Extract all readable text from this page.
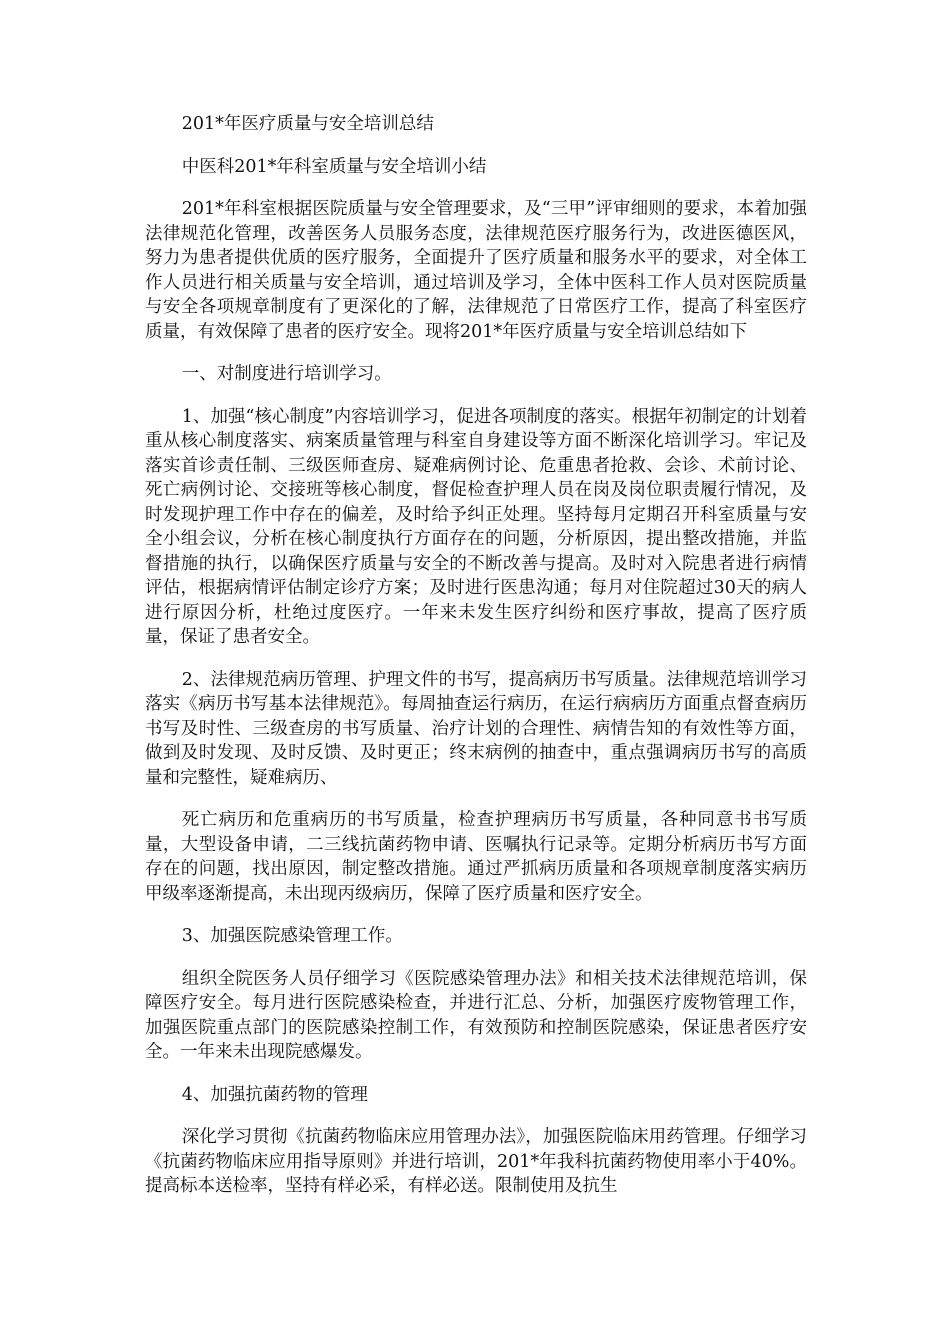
201*年医疗质量与安全培训总结

中医科201*年科室质量与安全培训小结

201*年科室根据医院质量与安全管理要求，及“三甲”评审细则的要求，本着加强法律规范化管理，改善医务人员服务态度，法律规范医疗服务行为，改进医德医风，努力为患者提供优质的医疗服务，全面提升了医疗质量和服务水平的要求，对全体工作人员进行相关质量与安全培训，通过培训及学习，全体中医科工作人员对医院质量与安全各项规章制度有了更深化的了解，法律规范了日常医疗工作，提高了科室医疗质量，有效保障了患者的医疗安全。现将201*年医疗质量与安全培训总结如下

一、对制度进行培训学习。

1、加强“核心制度”内容培训学习，促进各项制度的落实。根据年初制定的计划着重从核心制度落实、病案质量管理与科室自身建设等方面不断深化培训学习。牢记及落实首诊责任制、三级医师查房、疑难病例讨论、危重患者抢救、会诊、术前讨论、死亡病例讨论、交接班等核心制度，督促检查护理人员在岗及岗位职责履行情况，及时发现护理工作中存在的偏差，及时给予纠正处理。坚持每月定期召开科室质量与安全小组会议，分析在核心制度执行方面存在的问题，分析原因，提出整改措施，并监督措施的执行，以确保医疗质量与安全的不断改善与提高。及时对入院患者进行病情评估，根据病情评估制定诊疗方案；及时进行医患沟通；每月对住院超过30天的病人进行原因分析，杜绝过度医疗。一年来未发生医疗纠纷和医疗事故，提高了医疗质量，保证了患者安全。

2、法律规范病历管理、护理文件的书写，提高病历书写质量。法律规范培训学习落实《病历书写基本法律规范》。每周抽查运行病历，在运行病病历方面重点督查病历书写及时性、三级查房的书写质量、治疗计划的合理性、病情告知的有效性等方面，做到及时发现、及时反馈、及时更正；终末病例的抽查中，重点强调病历书写的高质量和完整性，疑难病历、

死亡病历和危重病历的书写质量，检查护理病历书写质量，各种同意书书写质量，大型设备申请，二三线抗菌药物申请、医嘱执行记录等。定期分析病历书写方面存在的问题，找出原因，制定整改措施。通过严抓病历质量和各项规章制度落实病历甲级率逐渐提高，未出现丙级病历，保障了医疗质量和医疗安全。

3、加强医院感染管理工作。

组织全院医务人员仔细学习《医院感染管理办法》和相关技术法律规范培训，保障医疗安全。每月进行医院感染检查，并进行汇总、分析，加强医疗废物管理工作，加强医院重点部门的医院感染控制工作，有效预防和控制医院感染，保证患者医疗安全。一年来未出现院感爆发。

4、加强抗菌药物的管理

深化学习贯彻《抗菌药物临床应用管理办法》，加强医院临床用药管理。仔细学习《抗菌药物临床应用指导原则》并进行培训，201*年我科抗菌药物使用率小于40%。提高标本送检率，坚持有样必采，有样必送。限制使用及抗生
